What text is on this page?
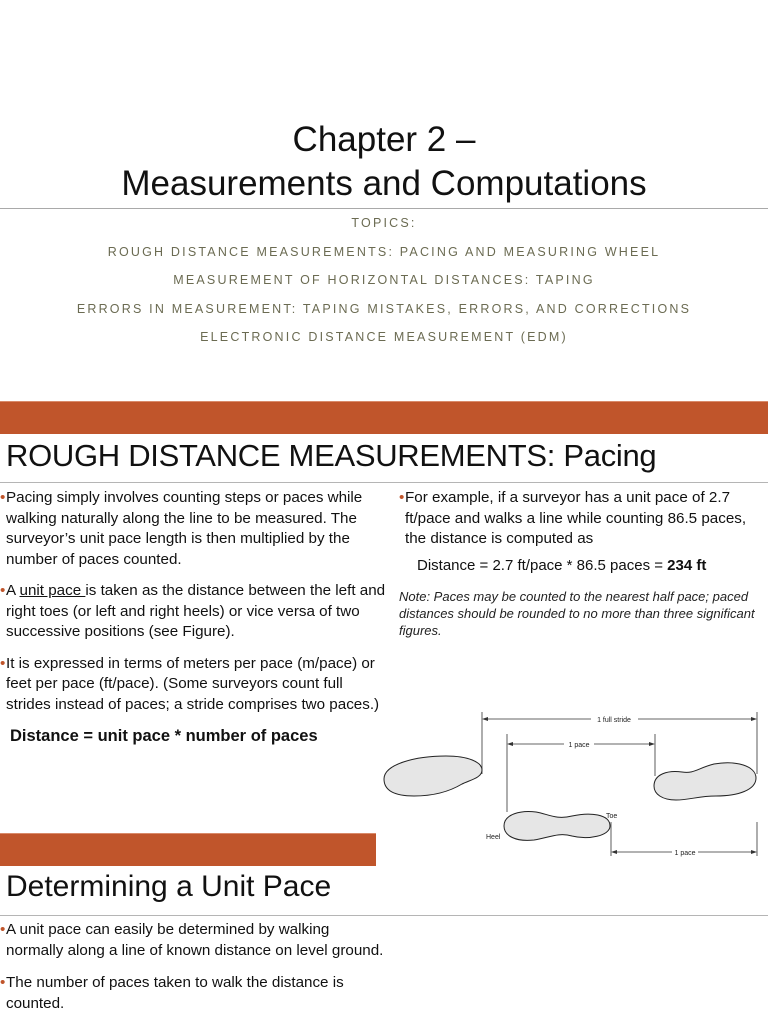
Chapter 2 –
Measurements and Computations
TOPICS:
ROUGH DISTANCE MEASUREMENTS: PACING AND MEASURING WHEEL
MEASUREMENT OF HORIZONTAL DISTANCES: TAPING
ERRORS IN MEASUREMENT: TAPING MISTAKES, ERRORS, AND CORRECTIONS
ELECTRONIC DISTANCE MEASUREMENT (EDM)
ROUGH DISTANCE MEASUREMENTS: Pacing
• Pacing simply involves counting steps or paces while walking naturally along the line to be measured. The surveyor’s unit pace length is then multiplied by the number of paces counted.
• A unit pace is taken as the distance between the left and right toes (or left and right heels) or vice versa of two successive positions (see Figure).
• It is expressed in terms of meters per pace (m/pace) or feet per pace (ft/pace). (Some surveyors count full strides instead of paces; a stride comprises two paces.)
Distance = unit pace * number of paces
• For example, if a surveyor has a unit pace of 2.7 ft/pace and walks a line while counting 86.5 paces, the distance is computed as
Distance = 2.7 ft/pace * 86.5 paces = 234 ft
Note: Paces may be counted to the nearest half pace; paced distances should be rounded to no more than three significant figures.
1 full stride
1 pace
1 pace
Toe
Heel
Determining a Unit Pace
• A unit pace can easily be determined by walking normally along a line of known distance on level ground.
• The number of paces taken to walk the distance is counted.
